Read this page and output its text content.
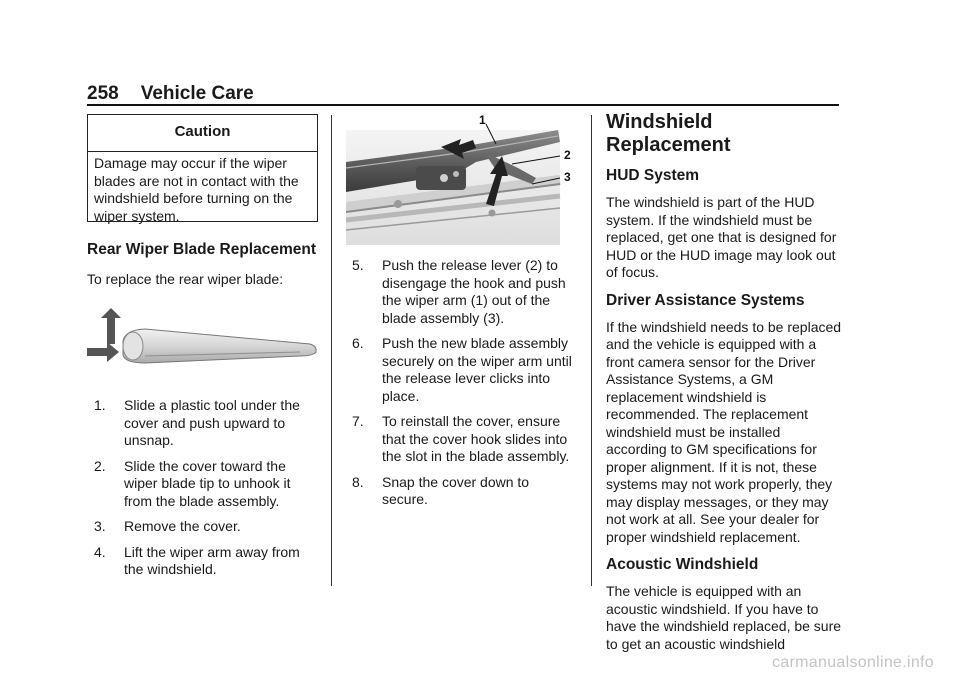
258 Vehicle Care
Caution
Damage may occur if the wiper blades are not in contact with the windshield before turning on the wiper system.
Rear Wiper Blade Replacement

To replace the rear wiper blade:

1.	Slide a plastic tool under the cover and push upward to unsnap.
2.	Slide the cover toward the wiper blade tip to unhook it from the blade assembly.
3.	Remove the cover.
4.	Lift the wiper arm away from the windshield.
1
2
3
5.	Push the release lever (2) to disengage the hook and push the wiper arm (1) out of the blade assembly (3).
6.	Push the new blade assembly securely on the wiper arm until the release lever clicks into place.
7.	To reinstall the cover, ensure that the cover hook slides into the slot in the blade assembly.
8.	Snap the cover down to secure.
Windshield Replacement
HUD System

The windshield is part of the HUD system. If the windshield must be replaced, get one that is designed for HUD or the HUD image may look out of focus.

Driver Assistance Systems

If the windshield needs to be replaced and the vehicle is equipped with a front camera sensor for the Driver Assistance Systems, a GM replacement windshield is recommended. The replacement windshield must be installed according to GM specifications for proper alignment. If it is not, these systems may not work properly, they may display messages, or they may not work at all. See your dealer for proper windshield replacement.

Acoustic Windshield

The vehicle is equipped with an acoustic windshield. If you have to have the windshield replaced, be sure to get an acoustic windshield

carmanualsonline.info
